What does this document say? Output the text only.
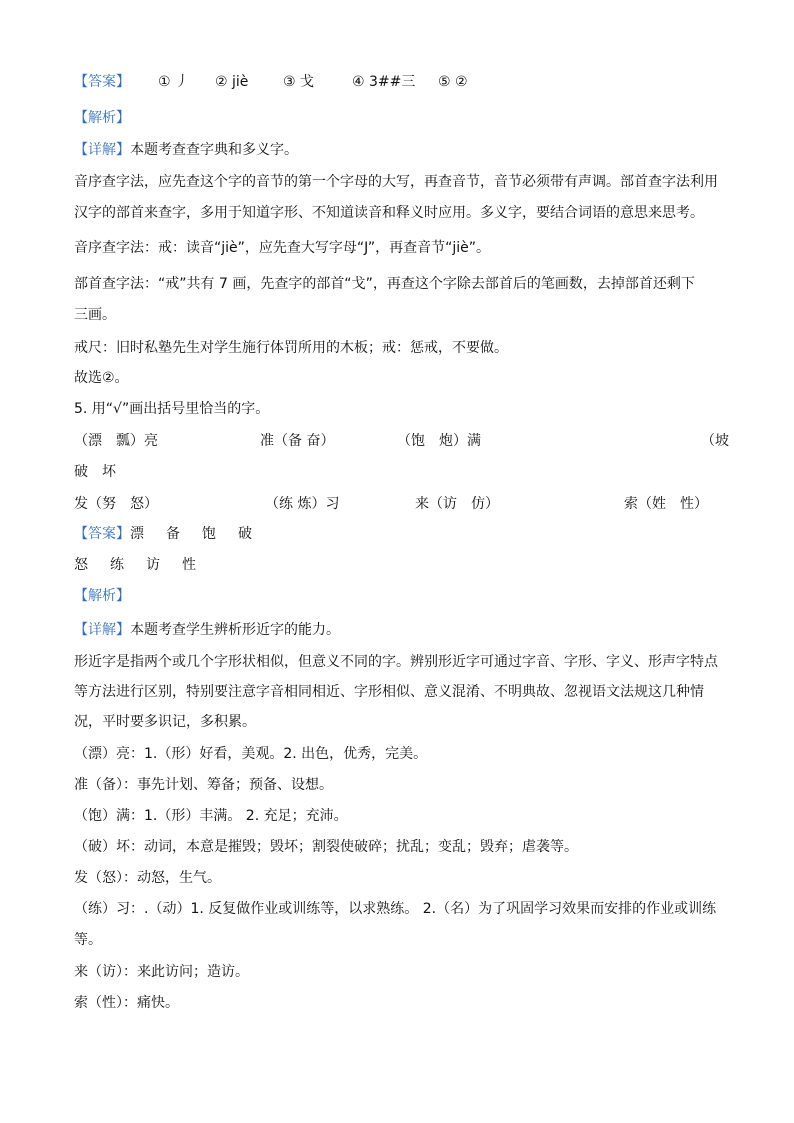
【答案】 ① 丿 ② jiè ③ 戈	④ 3##三 ⑤ ②
【解析】
【详解】本题考查查字典和多义字。
音序查字法，应先查这个字的音节的第一个字母的大写，再查音节，音节必须带有声调。部首查字法利用
汉字的部首来查字，多用于知道字形、不知道读音和释义时应用。多义字，要结合词语的意思来思考。
音序查字法：戒：读音“jiè”，应先查大写字母“J”，再查音节“jiè”。
部首查字法：“戒”共有 7 画，先查字的部首“戈”，再查这个字除去部首后的笔画数，去掉部首还剩下
三画。
戒尺：旧时私塾先生对学生施行体罚所用的木板；戒：惩戒，不要做。
故选②。
5. 用“√”画出括号里恰当的字。
（漂　瓢）亮	准（备 奋）	（饱　炮）满	（坡
破　坏
发（努　怒）	（练 炼）习	来（访　仿）	索（姓　性）
【答案】漂 备 饱 破
怒 练 访 性
【解析】
【详解】本题考查学生辨析形近字的能力。
形近字是指两个或几个字形状相似，但意义不同的字。辨别形近字可通过字音、字形、字义、形声字特点
等方法进行区别，特别要注意字音相同相近、字形相似、意义混淆、不明典故、忽视语文法规这几种情
况，平时要多识记，多积累。
（漂）亮：1.（形）好看，美观。2. 出色，优秀，完美。
准（备）：事先计划、筹备；预备、设想。
（饱）满：1.（形）丰满。 2. 充足；充沛。
（破）坏：动词，本意是摧毁；毁坏；割裂使破碎；扰乱；变乱；毁弃；虐袭等。
发（怒）：动怒，生气。
（练）习：.（动）1. 反复做作业或训练等，以求熟练。 2.（名）为了巩固学习效果而安排的作业或训练
等。
来（访）：来此访问；造访。
索（性）：痛快。
